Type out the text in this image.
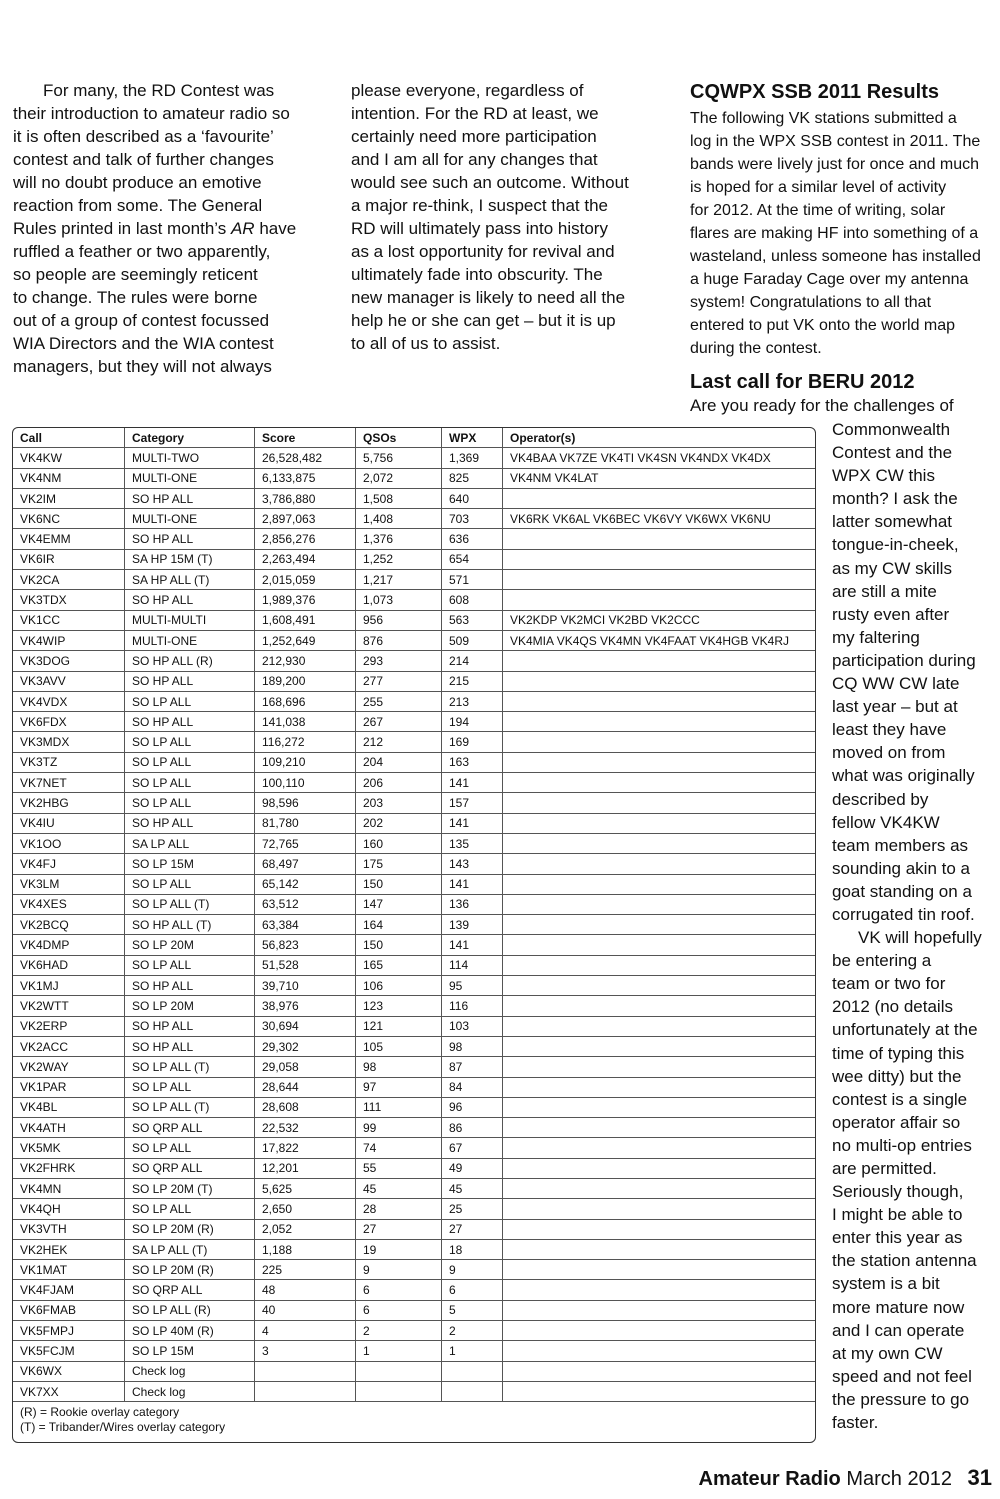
For many, the RD Contest was
their introduction to amateur radio so
it is often described as a ‘favourite’
contest and talk of further changes
will no doubt produce an emotive
reaction from some. The General
Rules printed in last month’s AR have
ruffled a feather or two apparently,
so people are seemingly reticent
to change. The rules were borne
out of a group of contest focussed
WIA Directors and the WIA contest
managers, but they will not always
please everyone, regardless of
intention. For the RD at least, we
certainly need more participation
and I am all for any changes that
would see such an outcome. Without
a major re-think, I suspect that the
RD will ultimately pass into history
as a lost opportunity for revival and
ultimately fade into obscurity. The
new manager is likely to need all the
help he or she can get – but it is up
to all of us to assist.
CQWPX SSB 2011 Results
The following VK stations submitted a
log in the WPX SSB contest in 2011. The
bands were lively just for once and much
is hoped for a similar level of activity
for 2012. At the time of writing, solar
flares are making HF into something of a
wasteland, unless someone has installed
a huge Faraday Cage over my antenna
system! Congratulations to all that
entered to put VK onto the world map
during the contest.
Last call for BERU 2012
Are you ready for the challenges of
Commonwealth
Contest and the
WPX CW this
month? I ask the
latter somewhat
tongue-in-cheek,
as my CW skills
are still a mite
rusty even after
my faltering
participation during
CQ WW CW late
last year – but at
least they have
moved on from
what was originally
described by
fellow VK4KW
team members as
sounding akin to a
goat standing on a
corrugated tin roof.
VK will hopefully
be entering a
team or two for
2012 (no details
unfortunately at the
time of typing this
wee ditty) but the
contest is a single
operator affair so
no multi-op entries
are permitted.
Seriously though,
I might be able to
enter this year as
the station antenna
system is a bit
more mature now
and I can operate
at my own CW
speed and not feel
the pressure to go
faster.
Call	Category	Score	QSOs	WPX	Operator(s)
VK4KW	MULTI-TWO	26,528,482	5,756	1,369	VK4BAA VK7ZE VK4TI VK4SN VK4NDX VK4DX
VK4NM	MULTI-ONE	6,133,875	2,072	825	VK4NM VK4LAT
VK2IM	SO HP ALL	3,786,880	1,508	640	
VK6NC	MULTI-ONE	2,897,063	1,408	703	VK6RK VK6AL VK6BEC VK6VY VK6WX VK6NU
VK4EMM	SO HP ALL	2,856,276	1,376	636	
VK6IR	SA HP 15M (T)	2,263,494	1,252	654	
VK2CA	SA HP ALL (T)	2,015,059	1,217	571	
VK3TDX	SO HP ALL	1,989,376	1,073	608	
VK1CC	MULTI-MULTI	1,608,491	956	563	VK2KDP VK2MCI VK2BD VK2CCC
VK4WIP	MULTI-ONE	1,252,649	876	509	VK4MIA VK4QS VK4MN VK4FAAT VK4HGB VK4RJ
VK3DOG	SO HP ALL (R)	212,930	293	214	
VK3AVV	SO HP ALL	189,200	277	215	
VK4VDX	SO LP ALL	168,696	255	213	
VK6FDX	SO HP ALL	141,038	267	194	
VK3MDX	SO LP ALL	116,272	212	169	
VK3TZ	SO LP ALL	109,210	204	163	
VK7NET	SO LP ALL	100,110	206	141	
VK2HBG	SO LP ALL	98,596	203	157	
VK4IU	SO HP ALL	81,780	202	141	
VK1OO	SA LP ALL	72,765	160	135	
VK4FJ	SO LP 15M	68,497	175	143	
VK3LM	SO LP ALL	65,142	150	141	
VK4XES	SO LP ALL (T)	63,512	147	136	
VK2BCQ	SO HP ALL (T)	63,384	164	139	
VK4DMP	SO LP 20M	56,823	150	141	
VK6HAD	SO LP ALL	51,528	165	114	
VK1MJ	SO HP ALL	39,710	106	95	
VK2WTT	SO LP 20M	38,976	123	116	
VK2ERP	SO HP ALL	30,694	121	103	
VK2ACC	SO HP ALL	29,302	105	98	
VK2WAY	SO LP ALL (T)	29,058	98	87	
VK1PAR	SO LP ALL	28,644	97	84	
VK4BL	SO LP ALL (T)	28,608	111	96	
VK4ATH	SO QRP ALL	22,532	99	86	
VK5MK	SO LP ALL	17,822	74	67	
VK2FHRK	SO QRP ALL	12,201	55	49	
VK4MN	SO LP 20M (T)	5,625	45	45	
VK4QH	SO LP ALL	2,650	28	25	
VK3VTH	SO LP 20M (R)	2,052	27	27	
VK2HEK	SA LP ALL (T)	1,188	19	18	
VK1MAT	SO LP 20M (R)	225	9	9	
VK4FJAM	SO QRP ALL	48	6	6	
VK6FMAB	SO LP ALL (R)	40	6	5	
VK5FMPJ	SO LP 40M (R)	4	2	2	
VK5FCJM	SO LP 15M	3	1	1	
VK6WX	Check log				
VK7XX	Check log				
(R) = Rookie overlay category
(T) = Tribander/Wires overlay category
Amateur Radio March 2012 31
